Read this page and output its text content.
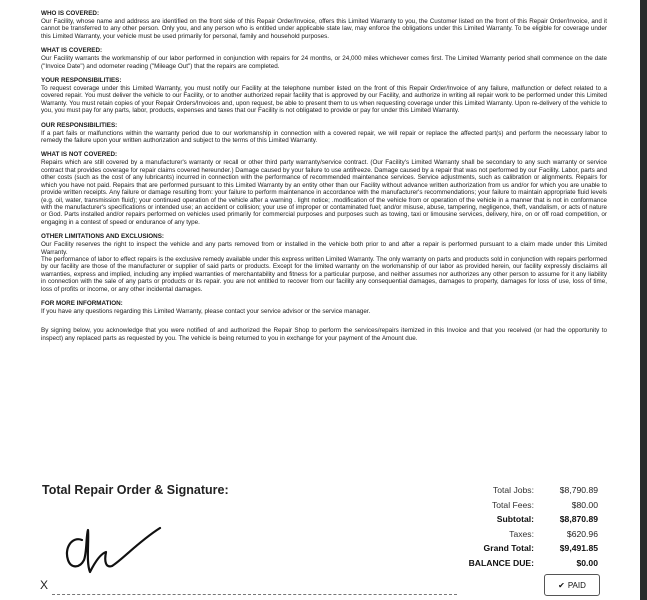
WHO IS COVERED:
Our Facility, whose name and address are identified on the front side of this Repair Order/Invoice, offers this Limited Warranty to you, the Customer listed on the front of this Repair Order/Invoice, and it cannot be transferred to any other person. Only you, and any person who is entitled under applicable state law, may enforce the obligations under this Limited Warranty. To be eligible for coverage under this Limited Warranty, your vehicle must be used primarily for personal, family and household purposes.
WHAT IS COVERED:
Our Facility warrants the workmanship of our labor performed in conjunction with repairs for 24 months, or 24,000 miles whichever comes first. The Limited Warranty period shall commence on the date ("Invoice Date") and odometer reading ("Mileage Out") that the repairs are completed.
YOUR RESPONSIBILITIES:
To request coverage under this Limited Warranty, you must notify our Facility at the telephone number listed on the front of this Repair Order/Invoice of any failure, malfunction or defect related to a covered repair. You must deliver the vehicle to our Facility, or to another authorized repair facility that is approved by our Facility, and authorize in writing all repair work to be performed under this Limited Warranty. You must retain copies of your Repair Orders/Invoices and, upon request, be able to present them to us when requesting coverage under this Limited Warranty. Upon re-delivery of the vehicle to you, you must pay for any parts, labor, products, expenses and taxes that our Facility is not obligated to provide or pay for under this Limited Warranty.
OUR RESPONSIBILITIES:
If a part fails or malfunctions within the warranty period due to our workmanship in connection with a covered repair, we will repair or replace the affected part(s) and perform the necessary labor to remedy the failure upon your written authorization and subject to the terms of this Limited Warranty.
WHAT IS NOT COVERED:
Repairs which are still covered by a manufacturer's warranty or recall or other third party warranty/service contract. (Our Facility's Limited Warranty shall be secondary to any such warranty or service contract that provides coverage for repair claims covered hereunder.) Damage caused by your failure to use antifreeze. Damage caused by a repair that was not performed by our Facility. Labor, parts and other costs (such as the cost of any lubricants) incurred in connection with the performance of recommended maintenance services. Service adjustments, such as calibration or alignments. Repairs for which you have not paid. Repairs that are performed pursuant to this Limited Warranty by an entity other than our Facility without advance written authorization from us and/or for which you are unable to provide written receipts. Any failure or damage resulting from: your failure to perform maintenance in accordance with the manufacturer's recommendations; your failure to maintain appropriate fluid levels (e.g. oil, water, transmission fluid); your continued operation of the vehicle after a warning . light notice; .modification of the vehicle from or operation of the vehicle in a manner that is not in conformance with the manufacturer's specifications or intended use; an accident or collision; your use of improper or contaminated fuel; and/or misuse, abuse, tampering, negligence, theft, vandalism, or acts of nature or God. Parts installed and/or repairs performed on vehicles used primarily for commercial purposes and purposes such as towing, taxi or limousine services, delivery, hire, on or off road competition, or engaging in a contest of speed or endurance of any type.
OTHER LIMITATIONS AND EXCLUSIONS:
Our Facility reserves the right to inspect the vehicle and any parts removed from or installed in the vehicle both prior to and after a repair is performed pursuant to a claim made under this Limited Warranty.
The performance of labor to effect repairs is the exclusive remedy available under this express written Limited Warranty. The only warranty on parts and products sold in conjunction with repairs performed by our facility are those of the manufacturer or supplier of said parts or products. Except for the limited warranty on the workmanship of our labor as provided herein, our facility expressly disclaims all warranties, express and implied, including any implied warranties of merchantability and fitness for a particular purpose, and neither assumes nor authorizes any other person to assume for it any liability in connection with the sale of any parts or products or its repair. you are not entitled to recover from our facility any consequential damages, damages to property, damages for loss of use, loss of time, loss of profits or income, or any other incidental damages.
FOR MORE INFORMATION:
If you have any questions regarding this Limited Warranty, please contact your service advisor or the service manager.
By signing below, you acknowledge that you were notified of and authorized the Repair Shop to perform the services/repairs itemized in this Invoice and that you received (or had the opportunity to inspect) any replaced parts as requested by you. The vehicle is being returned to you in exchange for your payment of the Amount due.
Total Repair Order & Signature:
X
Total Jobs:	$8,790.89
Total Fees:	$80.00
Subtotal:	$8,870.89
Taxes:	$620.96
Grand Total:	$9,491.85
BALANCE DUE:	$0.00
✔ PAID
